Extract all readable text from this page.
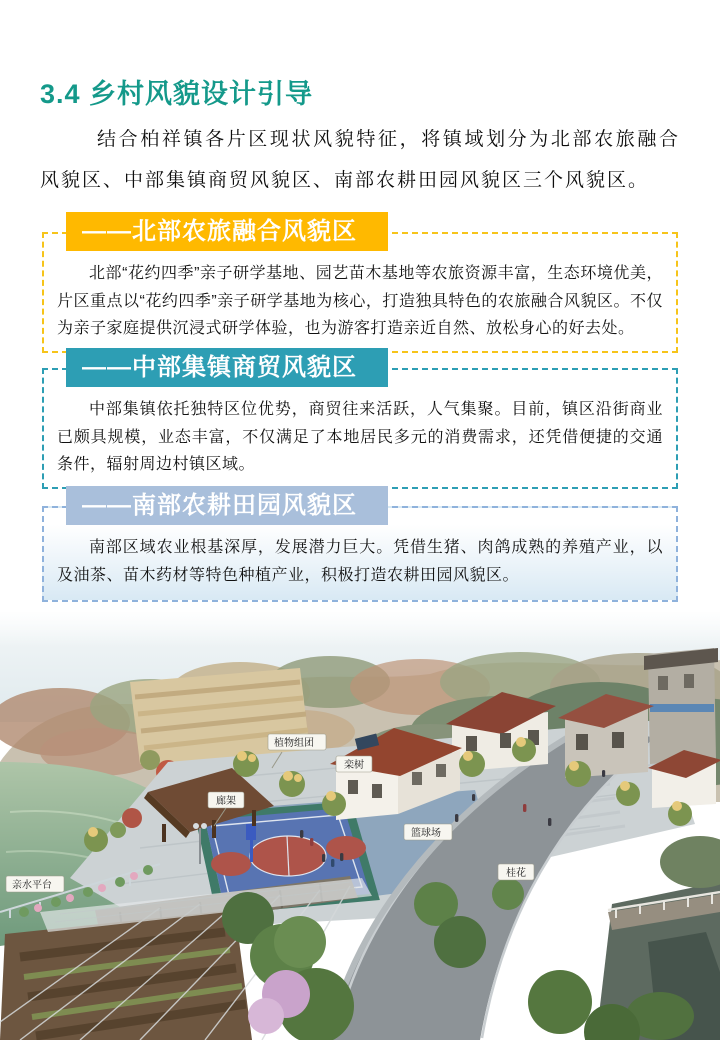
3.4 乡村风貌设计引导

结合柏祥镇各片区现状风貌特征，将镇域划分为北部农旅融合风貌区、中部集镇商贸风貌区、南部农耕田园风貌区三个风貌区。

——北部农旅融合风貌区

北部“花约四季”亲子研学基地、园艺苗木基地等农旅资源丰富，生态环境优美，片区重点以“花约四季”亲子研学基地为核心，打造独具特色的农旅融合风貌区。不仅为亲子家庭提供沉浸式研学体验，也为游客打造亲近自然、放松身心的好去处。

——中部集镇商贸风貌区

中部集镇依托独特区位优势，商贸往来活跃，人气集聚。目前，镇区沿街商业已颇具规模，业态丰富，不仅满足了本地居民多元的消费需求，还凭借便捷的交通条件，辐射周边村镇区域。

——南部农耕田园风貌区

南部区域农业根基深厚，发展潜力巨大。凭借生猪、肉鸽成熟的养殖产业，以及油茶、苗木药材等特色种植产业，积极打造农耕田园风貌区。

植物组团
栾树
廊架
篮球场
桂花
亲水平台
